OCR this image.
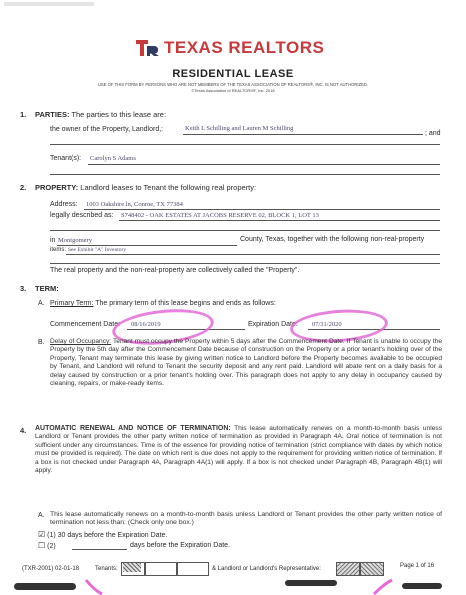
TEXAS REALTORS
RESIDENTIAL LEASE
USE OF THIS FORM BY PERSONS WHO ARE NOT MEMBERS OF THE TEXAS ASSOCIATION OF REALTORS®, INC. IS NOT AUTHORIZED.
©Texas Association of REALTORS®, Inc. 2018
1. PARTIES: The parties to this lease are:
the owner of the Property, Landlord,:	Keith L Schilling and Lauren M Schilling
; and
Tenant(s): Carolyn S Adams
2. PROPERTY: Landlord leases to Tenant the following real property:
Address: 1003 Oakshire ln, Conroe, TX 77384
legally described as: S748402 - OAK ESTATES AT JACOBS RESERVE 02, BLOCK 1, LOT 13
in Montgomery	County, Texas, together with the following non-real-property
items: See Exhibit "A" Inventory
The real property and the non-real-property are collectively called the "Property".
3. TERM:
A. Primary Term: The primary term of this lease begins and ends as follows:
Commencement Date: 08/16/2019	Expiration Date: 07/31/2020
B. Delay of Occupancy: Tenant must occupy the Property within 5 days after the Commencement Date. If Tenant is unable to occupy the Property by the 5th day after the Commencement Date because of construction on the Property or a prior tenant's holding over of the Property, Tenant may terminate this lease by giving written notice to Landlord before the Property becomes available to be occupied by Tenant, and Landlord will refund to Tenant the security deposit and any rent paid. Landlord will abate rent on a daily basis for a delay caused by construction or a prior tenant's holding over. This paragraph does not apply to any delay in occupancy caused by cleaning, repairs, or make-ready items.
4. AUTOMATIC RENEWAL AND NOTICE OF TERMINATION: This lease automatically renews on a month-to-month basis unless Landlord or Tenant provides the other party written notice of termination as provided in Paragraph 4A. Oral notice of termination is not sufficient under any circumstances. Time is of the essence for providing notice of termination (strict compliance with dates by which notice must be provided is required). The date on which rent is due does not apply to the requirement for providing written notice of termination. If a box is not checked under Paragraph 4A, Paragraph 4A(1) will apply. If a box is not checked under Paragraph 4B, Paragraph 4B(1) will apply.
A. This lease automatically renews on a month-to-month basis unless Landlord or Tenant provides the other party written notice of termination not less than: (Check only one box.)
☑ (1) 30 days before the Expiration Date.
☐ (2)	days before the Expiration Date.
(TXR-2001) 02-01-18	Tenants:	& Landlord or Landlord's Representative:	Page 1 of 16
